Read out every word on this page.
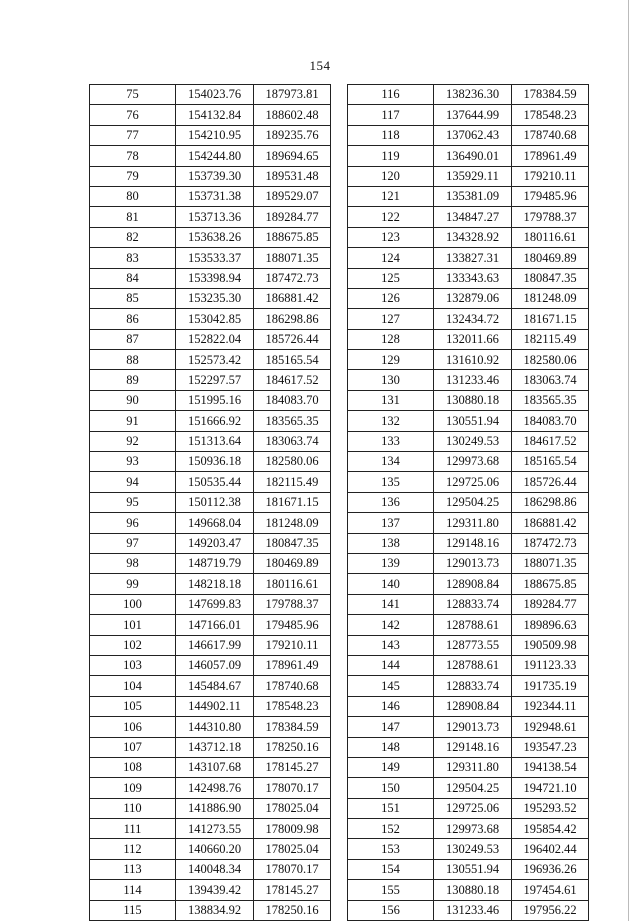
154
75	154023.76	187973.81
76	154132.84	188602.48
77	154210.95	189235.76
78	154244.80	189694.65
79	153739.30	189531.48
80	153731.38	189529.07
81	153713.36	189284.77
82	153638.26	188675.85
83	153533.37	188071.35
84	153398.94	187472.73
85	153235.30	186881.42
86	153042.85	186298.86
87	152822.04	185726.44
88	152573.42	185165.54
89	152297.57	184617.52
90	151995.16	184083.70
91	151666.92	183565.35
92	151313.64	183063.74
93	150936.18	182580.06
94	150535.44	182115.49
95	150112.38	181671.15
96	149668.04	181248.09
97	149203.47	180847.35
98	148719.79	180469.89
99	148218.18	180116.61
100	147699.83	179788.37
101	147166.01	179485.96
102	146617.99	179210.11
103	146057.09	178961.49
104	145484.67	178740.68
105	144902.11	178548.23
106	144310.80	178384.59
107	143712.18	178250.16
108	143107.68	178145.27
109	142498.76	178070.17
110	141886.90	178025.04
111	141273.55	178009.98
112	140660.20	178025.04
113	140048.34	178070.17
114	139439.42	178145.27
115	138834.92	178250.16
116	138236.30	178384.59
117	137644.99	178548.23
118	137062.43	178740.68
119	136490.01	178961.49
120	135929.11	179210.11
121	135381.09	179485.96
122	134847.27	179788.37
123	134328.92	180116.61
124	133827.31	180469.89
125	133343.63	180847.35
126	132879.06	181248.09
127	132434.72	181671.15
128	132011.66	182115.49
129	131610.92	182580.06
130	131233.46	183063.74
131	130880.18	183565.35
132	130551.94	184083.70
133	130249.53	184617.52
134	129973.68	185165.54
135	129725.06	185726.44
136	129504.25	186298.86
137	129311.80	186881.42
138	129148.16	187472.73
139	129013.73	188071.35
140	128908.84	188675.85
141	128833.74	189284.77
142	128788.61	189896.63
143	128773.55	190509.98
144	128788.61	191123.33
145	128833.74	191735.19
146	128908.84	192344.11
147	129013.73	192948.61
148	129148.16	193547.23
149	129311.80	194138.54
150	129504.25	194721.10
151	129725.06	195293.52
152	129973.68	195854.42
153	130249.53	196402.44
154	130551.94	196936.26
155	130880.18	197454.61
156	131233.46	197956.22
